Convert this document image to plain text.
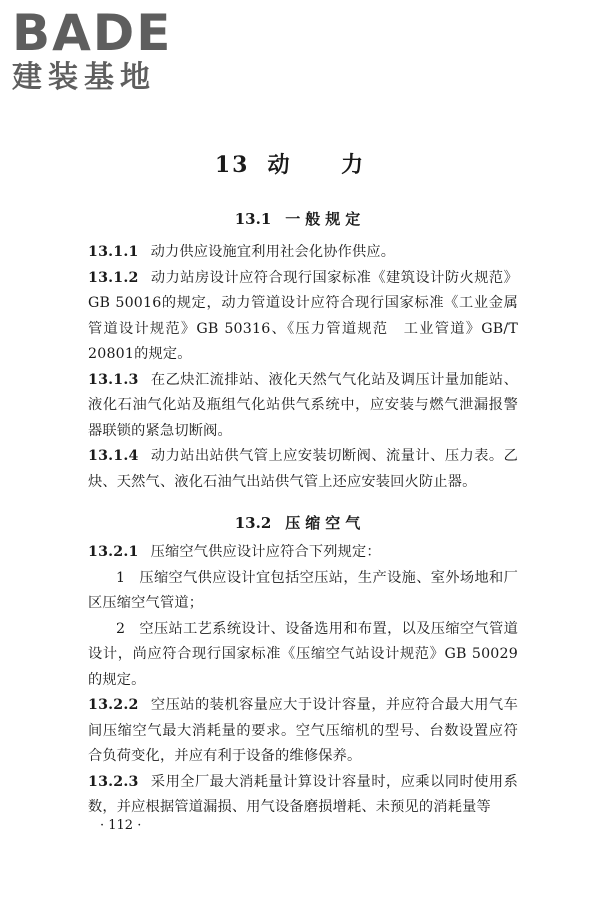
BADE
建装基地
13 动 力
13.1 一般规定

13.1.1 动力供应设施宜利用社会化协作供应。

13.1.2 动力站房设计应符合现行国家标准《建筑设计防火规范》GB 50016的规定，动力管道设计应符合现行国家标准《工业金属管道设计规范》GB 50316、《压力管道规范　工业管道》GB/T 20801的规定。

13.1.3 在乙炔汇流排站、液化天然气气化站及调压计量加能站、液化石油气化站及瓶组气化站供气系统中，应安装与燃气泄漏报警器联锁的紧急切断阀。

13.1.4 动力站出站供气管上应安装切断阀、流量计、压力表。乙炔、天然气、液化石油气出站供气管上还应安装回火防止器。

13.2 压缩空气

13.2.1 压缩空气供应设计应符合下列规定：

1 压缩空气供应设计宜包括空压站，生产设施、室外场地和厂区压缩空气管道；

2 空压站工艺系统设计、设备选用和布置，以及压缩空气管道设计，尚应符合现行国家标准《压缩空气站设计规范》GB 50029的规定。

13.2.2 空压站的装机容量应大于设计容量，并应符合最大用气车间压缩空气最大消耗量的要求。空气压缩机的型号、台数设置应符合负荷变化，并应有利于设备的维修保养。

13.2.3 采用全厂最大消耗量计算设计容量时，应乘以同时使用系数，并应根据管道漏损、用气设备磨损增耗、未预见的消耗量等

· 112 ·
